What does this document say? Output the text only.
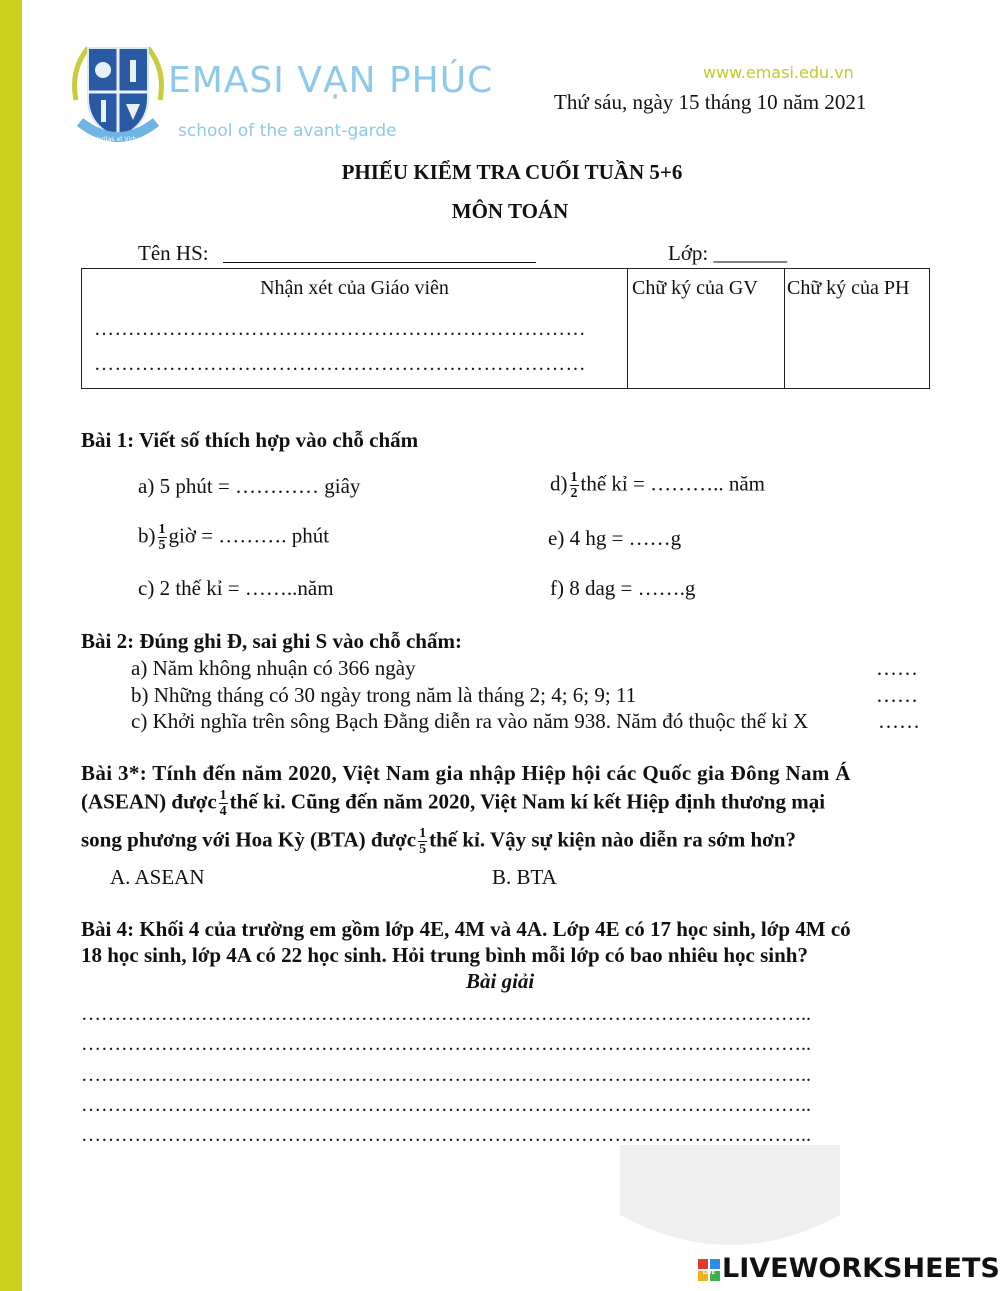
Veritas et Virtus
EMASI VẠN PHÚC
school of the avant-garde
www.emasi.edu.vn
Thứ sáu, ngày 15 tháng 10 năm 2021
PHIẾU KIỂM TRA CUỐI TUẦN 5+6
MÔN TOÁN
Tên HS:	Lớp: _______
Nhận xét của Giáo viên
………………………………………………………………
………………………………………………………………
	Chữ ký của GV	Chữ ký của PH
Bài 1: Viết số thích hợp vào chỗ chấm
a) 5 phút = ………… giây	$d) \frac{1}{2}$ thế kỉ = ……….. năm
$b) \frac{1}{5}$ giờ = ………. phút	e) 4 hg = ……g
c) 2 thế kỉ = ……..năm	f) 8 dag = …….g
Bài 2: Đúng ghi Đ, sai ghi S vào chỗ chấm:
a) Năm không nhuận có 366 ngày	……
b) Những tháng có 30 ngày trong năm là tháng 2; 4; 6; 9; 11	……
c) Khởi nghĩa trên sông Bạch Đằng diễn ra vào năm 938. Năm đó thuộc thế kỉ X	……
Bài 3*: Tính đến năm 2020, Việt Nam gia nhập Hiệp hội các Quốc gia Đông Nam Á
(ASEAN) được $\frac{1}{4}$ thế kỉ. Cũng đến năm 2020, Việt Nam kí kết Hiệp định thương mại
song phương với Hoa Kỳ (BTA) được $\frac{1}{5}$ thế kỉ. Vậy sự kiện nào diễn ra sớm hơn?
A. ASEAN	B. BTA
Bài 4: Khối 4 của trường em gồm lớp 4E, 4M và 4A. Lớp 4E có 17 học sinh, lớp 4M có
18 học sinh, lớp 4A có 22 học sinh. Hỏi trung bình mỗi lớp có bao nhiêu học sinh?
Bài giải
………………………………………………………………………………………………..
………………………………………………………………………………………………..
………………………………………………………………………………………………..
………………………………………………………………………………………………..
………………………………………………………………………………………………..
LIVE LIVEWORKSHEETS
